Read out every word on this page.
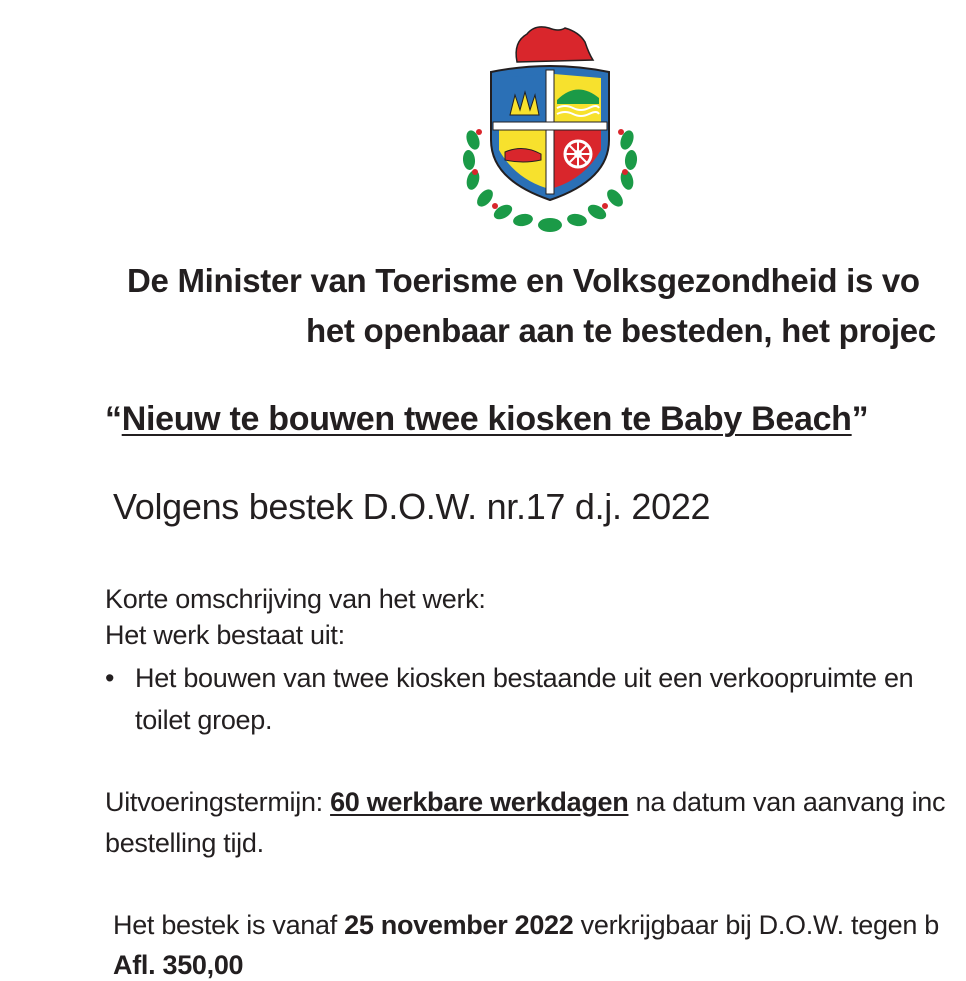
De Minister van Toerisme en Volksgezondheid is vo
het openbaar aan te besteden, het projec
“Nieuw te bouwen twee kiosken te Baby Beach”
Volgens bestek D.O.W. nr.17 d.j. 2022
Korte omschrijving van het werk:
Het werk bestaat uit:
• Het bouwen van twee kiosken bestaande uit een verkoopruimte en
toilet groep.
Uitvoeringstermijn: 60 werkbare werkdagen na datum van aanvang inc
bestelling tijd.
Het bestek is vanaf 25 november 2022 verkrijgbaar bij D.O.W. tegen b
Afl. 350,00
